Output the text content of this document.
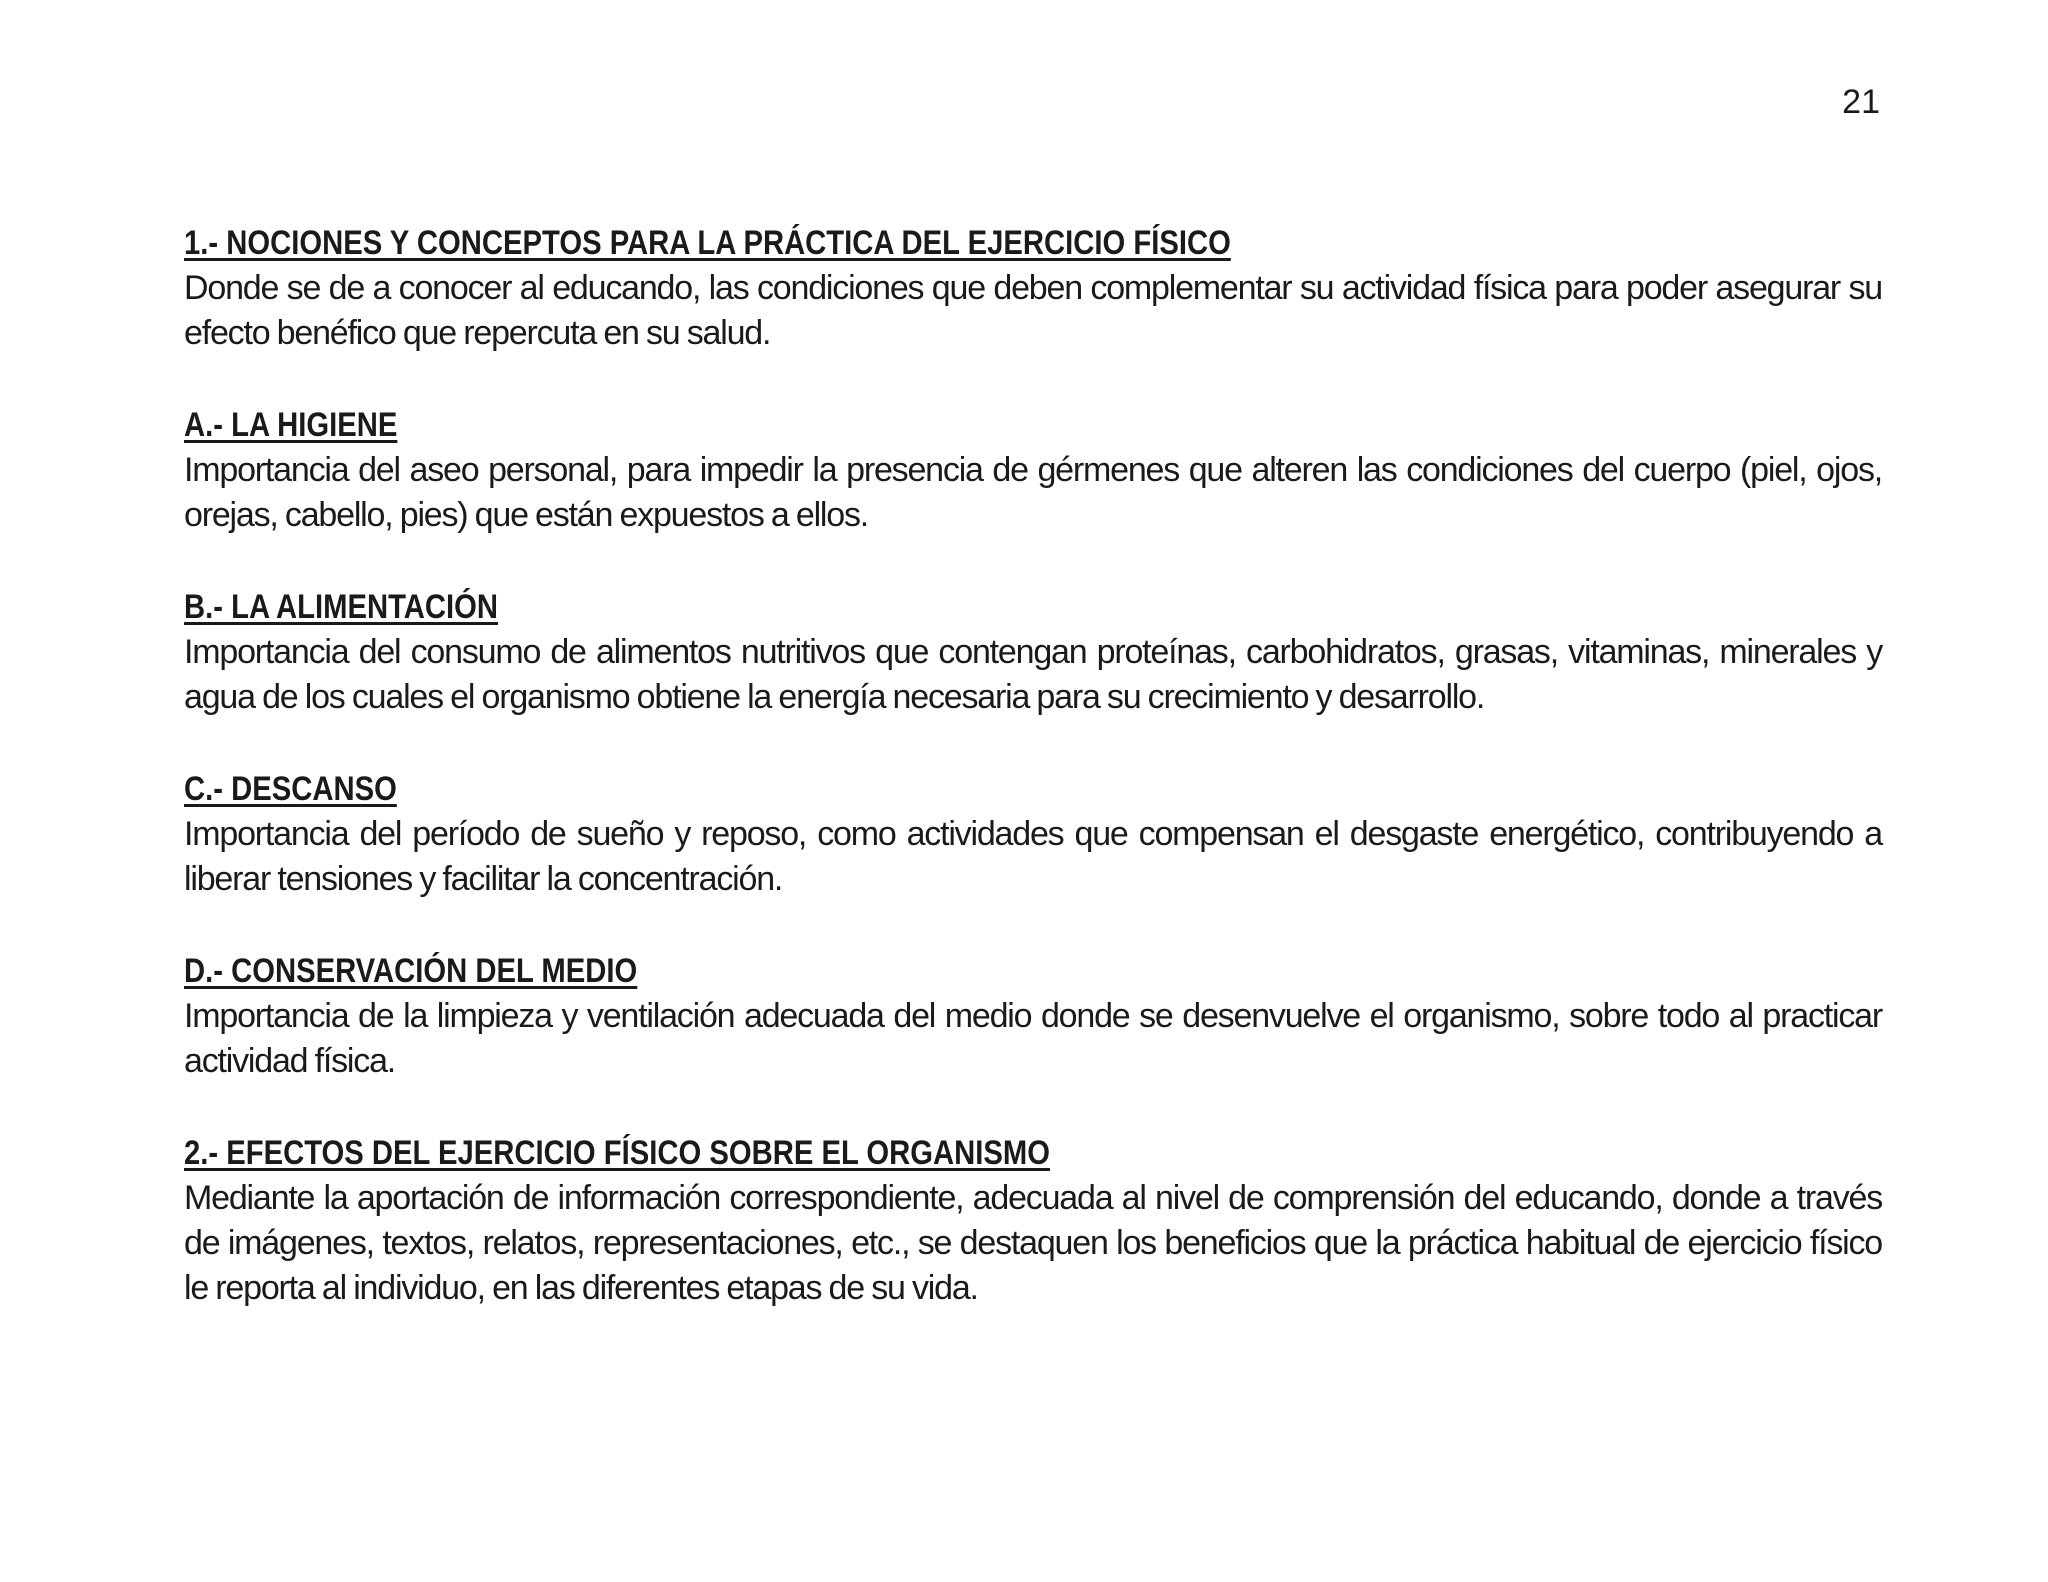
21
1.- NOCIONES Y CONCEPTOS PARA LA PRÁCTICA DEL EJERCICIO FÍSICO

Donde se de a conocer al educando, las condiciones que deben complementar su actividad física para poder asegurar su efecto benéfico que repercuta en su salud.

A.- LA HIGIENE

Importancia del aseo personal, para impedir la presencia de gérmenes que alteren las condiciones del cuerpo (piel, ojos, orejas, cabello, pies) que están expuestos a ellos.

B.- LA ALIMENTACIÓN

Importancia del consumo de alimentos nutritivos que contengan proteínas, carbohidratos, grasas, vitaminas, minerales y agua de los cuales el organismo obtiene la energía necesaria para su crecimiento y desarrollo.

C.- DESCANSO

Importancia del período de sueño y reposo, como actividades que compensan el desgaste energético, contribuyendo a liberar tensiones y facilitar la concentración.

D.- CONSERVACIÓN DEL MEDIO

Importancia de la limpieza y ventilación adecuada del medio donde se desenvuelve el organismo, sobre todo al practicar actividad física.

2.- EFECTOS DEL EJERCICIO FÍSICO SOBRE EL ORGANISMO

Mediante la aportación de información correspondiente, adecuada al nivel de comprensión del educando, donde a través de imágenes, textos, relatos, representaciones, etc., se destaquen los beneficios que la práctica habitual de ejercicio físico le reporta al individuo, en las diferentes etapas de su vida.
